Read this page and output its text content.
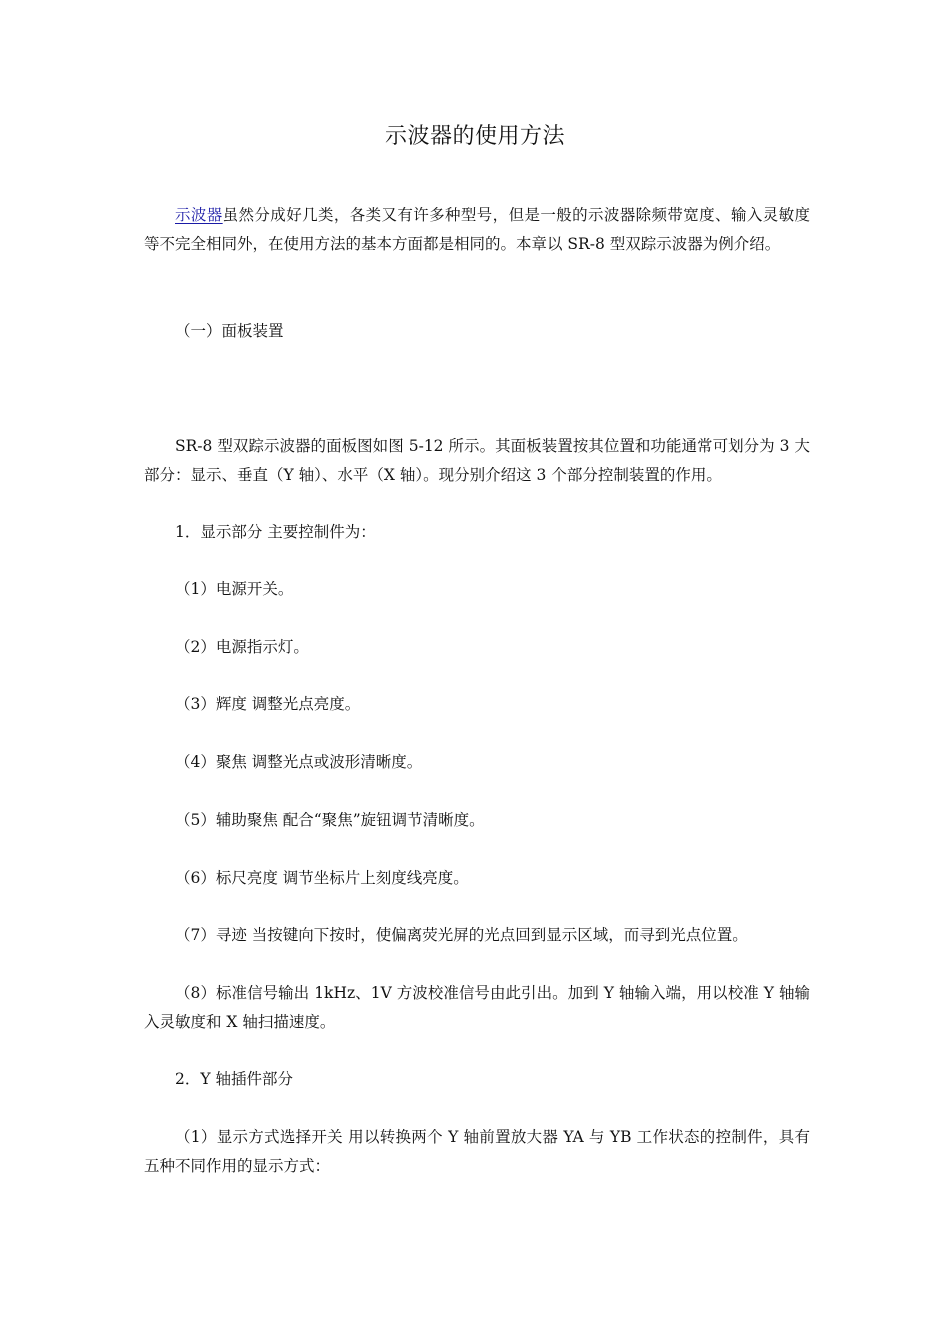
示波器的使用方法

示波器虽然分成好几类，各类又有许多种型号，但是一般的示波器除频带宽度、输入灵敏度等不完全相同外，在使用方法的基本方面都是相同的。本章以 SR-8 型双踪示波器为例介绍。

（一）面板装置

SR-8 型双踪示波器的面板图如图 5-12 所示。其面板装置按其位置和功能通常可划分为 3 大部分：显示、垂直（Y 轴）、水平（X 轴）。现分别介绍这 3 个部分控制装置的作用。

1．显示部分 主要控制件为：

（1）电源开关。

（2）电源指示灯。

（3）辉度 调整光点亮度。

（4）聚焦 调整光点或波形清晰度。

（5）辅助聚焦 配合“聚焦”旋钮调节清晰度。

（6）标尺亮度 调节坐标片上刻度线亮度。

（7）寻迹 当按键向下按时，使偏离荧光屏的光点回到显示区域，而寻到光点位置。

（8）标准信号输出 1kHz、1V 方波校准信号由此引出。加到 Y 轴输入端，用以校准 Y 轴输入灵敏度和 X 轴扫描速度。

2．Y 轴插件部分

（1）显示方式选择开关 用以转换两个 Y 轴前置放大器 YA 与 YB 工作状态的控制件，具有五种不同作用的显示方式：
